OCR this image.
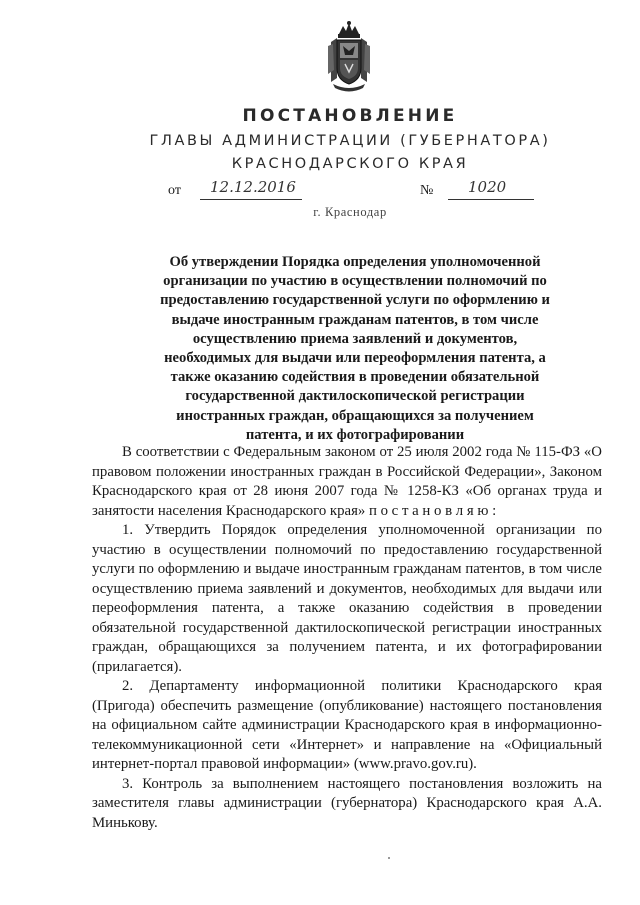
ПОСТАНОВЛЕНИЕ
ГЛАВЫ АДМИНИСТРАЦИИ (ГУБЕРНАТОРА)
КРАСНОДАРСКОГО КРАЯ
от 12.12.2016	№ 1020
г. Краснодар
Об утверждении Порядка определения уполномоченной организации по участию в осуществлении полномочий по предоставлению государственной услуги по оформлению и выдаче иностранным гражданам патентов, в том числе осуществлению приема заявлений и документов, необходимых для выдачи или переоформления патента, а также оказанию содействия в проведении обязательной государственной дактилоскопической регистрации иностранных граждан, обращающихся за получением патента, и их фотографировании

В соответствии с Федеральным законом от 25 июля 2002 года № 115-ФЗ «О правовом положении иностранных граждан в Российской Федерации», Законом Краснодарского края от 28 июня 2007 года № 1258-КЗ «Об органах труда и занятости населения Краснодарского края» п о с т а н о в л я ю :

1. Утвердить Порядок определения уполномоченной организации по участию в осуществлении полномочий по предоставлению государственной услуги по оформлению и выдаче иностранным гражданам патентов, в том числе осуществлению приема заявлений и документов, необходимых для выдачи или переоформления патента, а также оказанию содействия в проведении обязательной государственной дактилоскопической регистрации иностранных граждан, обращающихся за получением патента, и их фотографировании (прилагается).

2. Департаменту информационной политики Краснодарского края (Пригода) обеспечить размещение (опубликование) настоящего постановления на официальном сайте администрации Краснодарского края в информационно-телекоммуникационной сети «Интернет» и направление на «Официальный интернет-портал правовой информации» (www.pravo.gov.ru).

3. Контроль за выполнением настоящего постановления возложить на заместителя главы администрации (губернатора) Краснодарского края А.А. Минькову.
